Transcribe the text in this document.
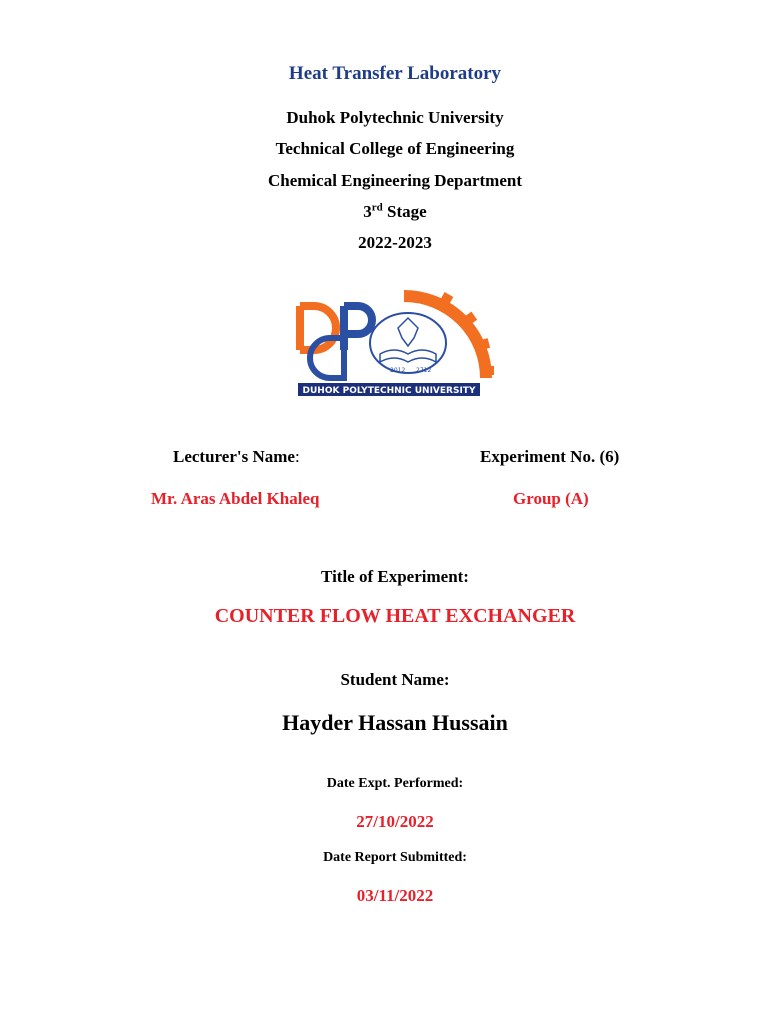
Heat Transfer Laboratory
Duhok Polytechnic University
Technical College of Engineering
Chemical Engineering Department
3rd Stage
2022-2023
2012 2712
DUHOK POLYTECHNIC UNIVERSITY
Lecturer's Name:	Experiment No. (6)
Mr. Aras Abdel Khaleq	Group (A)
Title of Experiment:
COUNTER FLOW HEAT EXCHANGER
Student Name:
Hayder Hassan Hussain
Date Expt. Performed:
27/10/2022
Date Report Submitted:
03/11/2022
